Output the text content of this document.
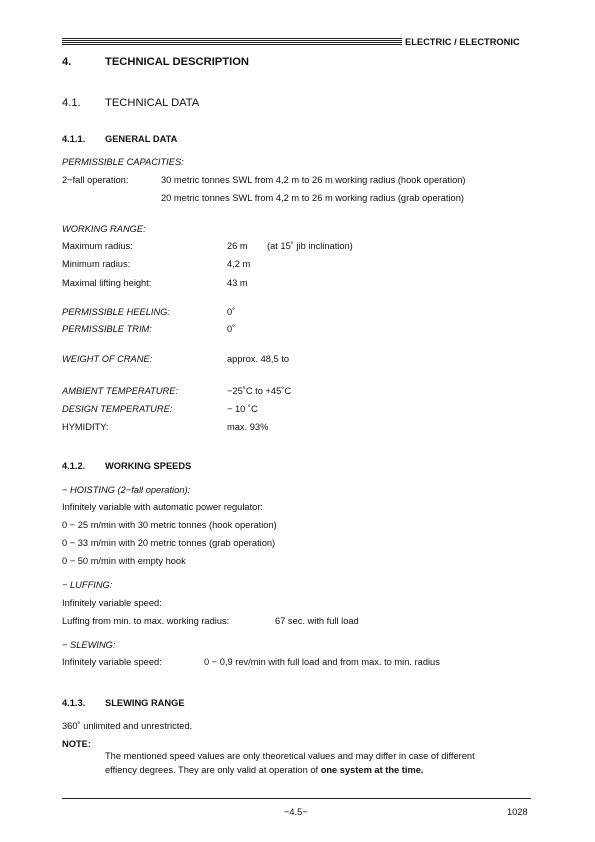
ELECTRIC / ELECTRONIC
4.	TECHNICAL DESCRIPTION
4.1. TECHNICAL DATA
4.1.1. GENERAL DATA
PERMISSIBLE CAPACITIES:
2−fall operation:	30 metric tonnes SWL from 4,2 m to 26 m working radius (hook operation)
20 metric tonnes SWL from 4,2 m to 26 m working radius (grab operation)
WORKING RANGE:
Maximum radius:	26 m (at 15˚ jib inclination)
Minimum radius:	4,2 m
Maximal lifting height:	43 m
PERMISSIBLE HEELING:	0˚
PERMISSIBLE TRIM:	0˚
WEIGHT OF CRANE:	approx. 48,5 to
AMBIENT TEMPERATURE:	−25˚C to +45˚C
DESIGN TEMPERATURE:	− 10 ˚C
HYMIDITY:	max. 93%
4.1.2. WORKING SPEEDS
− HOISTING (2−fall operation):
Infinitely variable with automatic power regulator:
0 − 25 m/min with 30 metric tonnes (hook operation)
0 − 33 m/min with 20 metric tonnes (grab operation)
0 − 50 m/min with empty hook
− LUFFING:
Infinitely variable speed:
Luffing from min. to max. working radius:	67 sec. with full load
− SLEWING:
Infinitely variable speed:	0 − 0,9 rev/min with full load and from max. to min. radius
4.1.3. SLEWING RANGE
360˚ unlimited and unrestricted.
NOTE:
The mentioned speed values are only theoretical values and may differ in case of different
effiency degrees. They are only valid at operation of one system at the time.
−4.5−	1028
